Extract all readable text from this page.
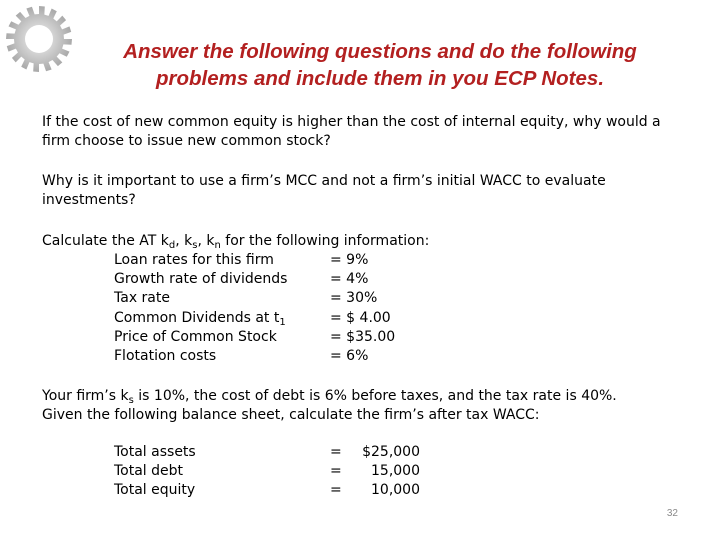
Answer the following questions and do the following
problems and include them in you ECP Notes.
If the cost of new common equity is higher than the cost of internal equity, why would a
firm choose to issue new common stock?
Why is it important to use a firm’s MCC and not a firm’s initial WACC to evaluate
investments?
Calculate the AT $k_d$, $k_s$, $k_n$ for the following information:
Loan rates for this firm	= 9%
Growth rate of dividends	= 4%
Tax rate	= 30%
Common Dividends at $t_1$	= $ 4.00
Price of Common Stock	= $35.00
Flotation costs	= 6%
Your firm’s $k_s$ is 10%, the cost of debt is 6% before taxes, and the tax rate is 40%.
Given the following balance sheet, calculate the firm’s after tax WACC:
Total assets	=	$25,000
Total debt	=	15,000
Total equity	=	10,000
32
